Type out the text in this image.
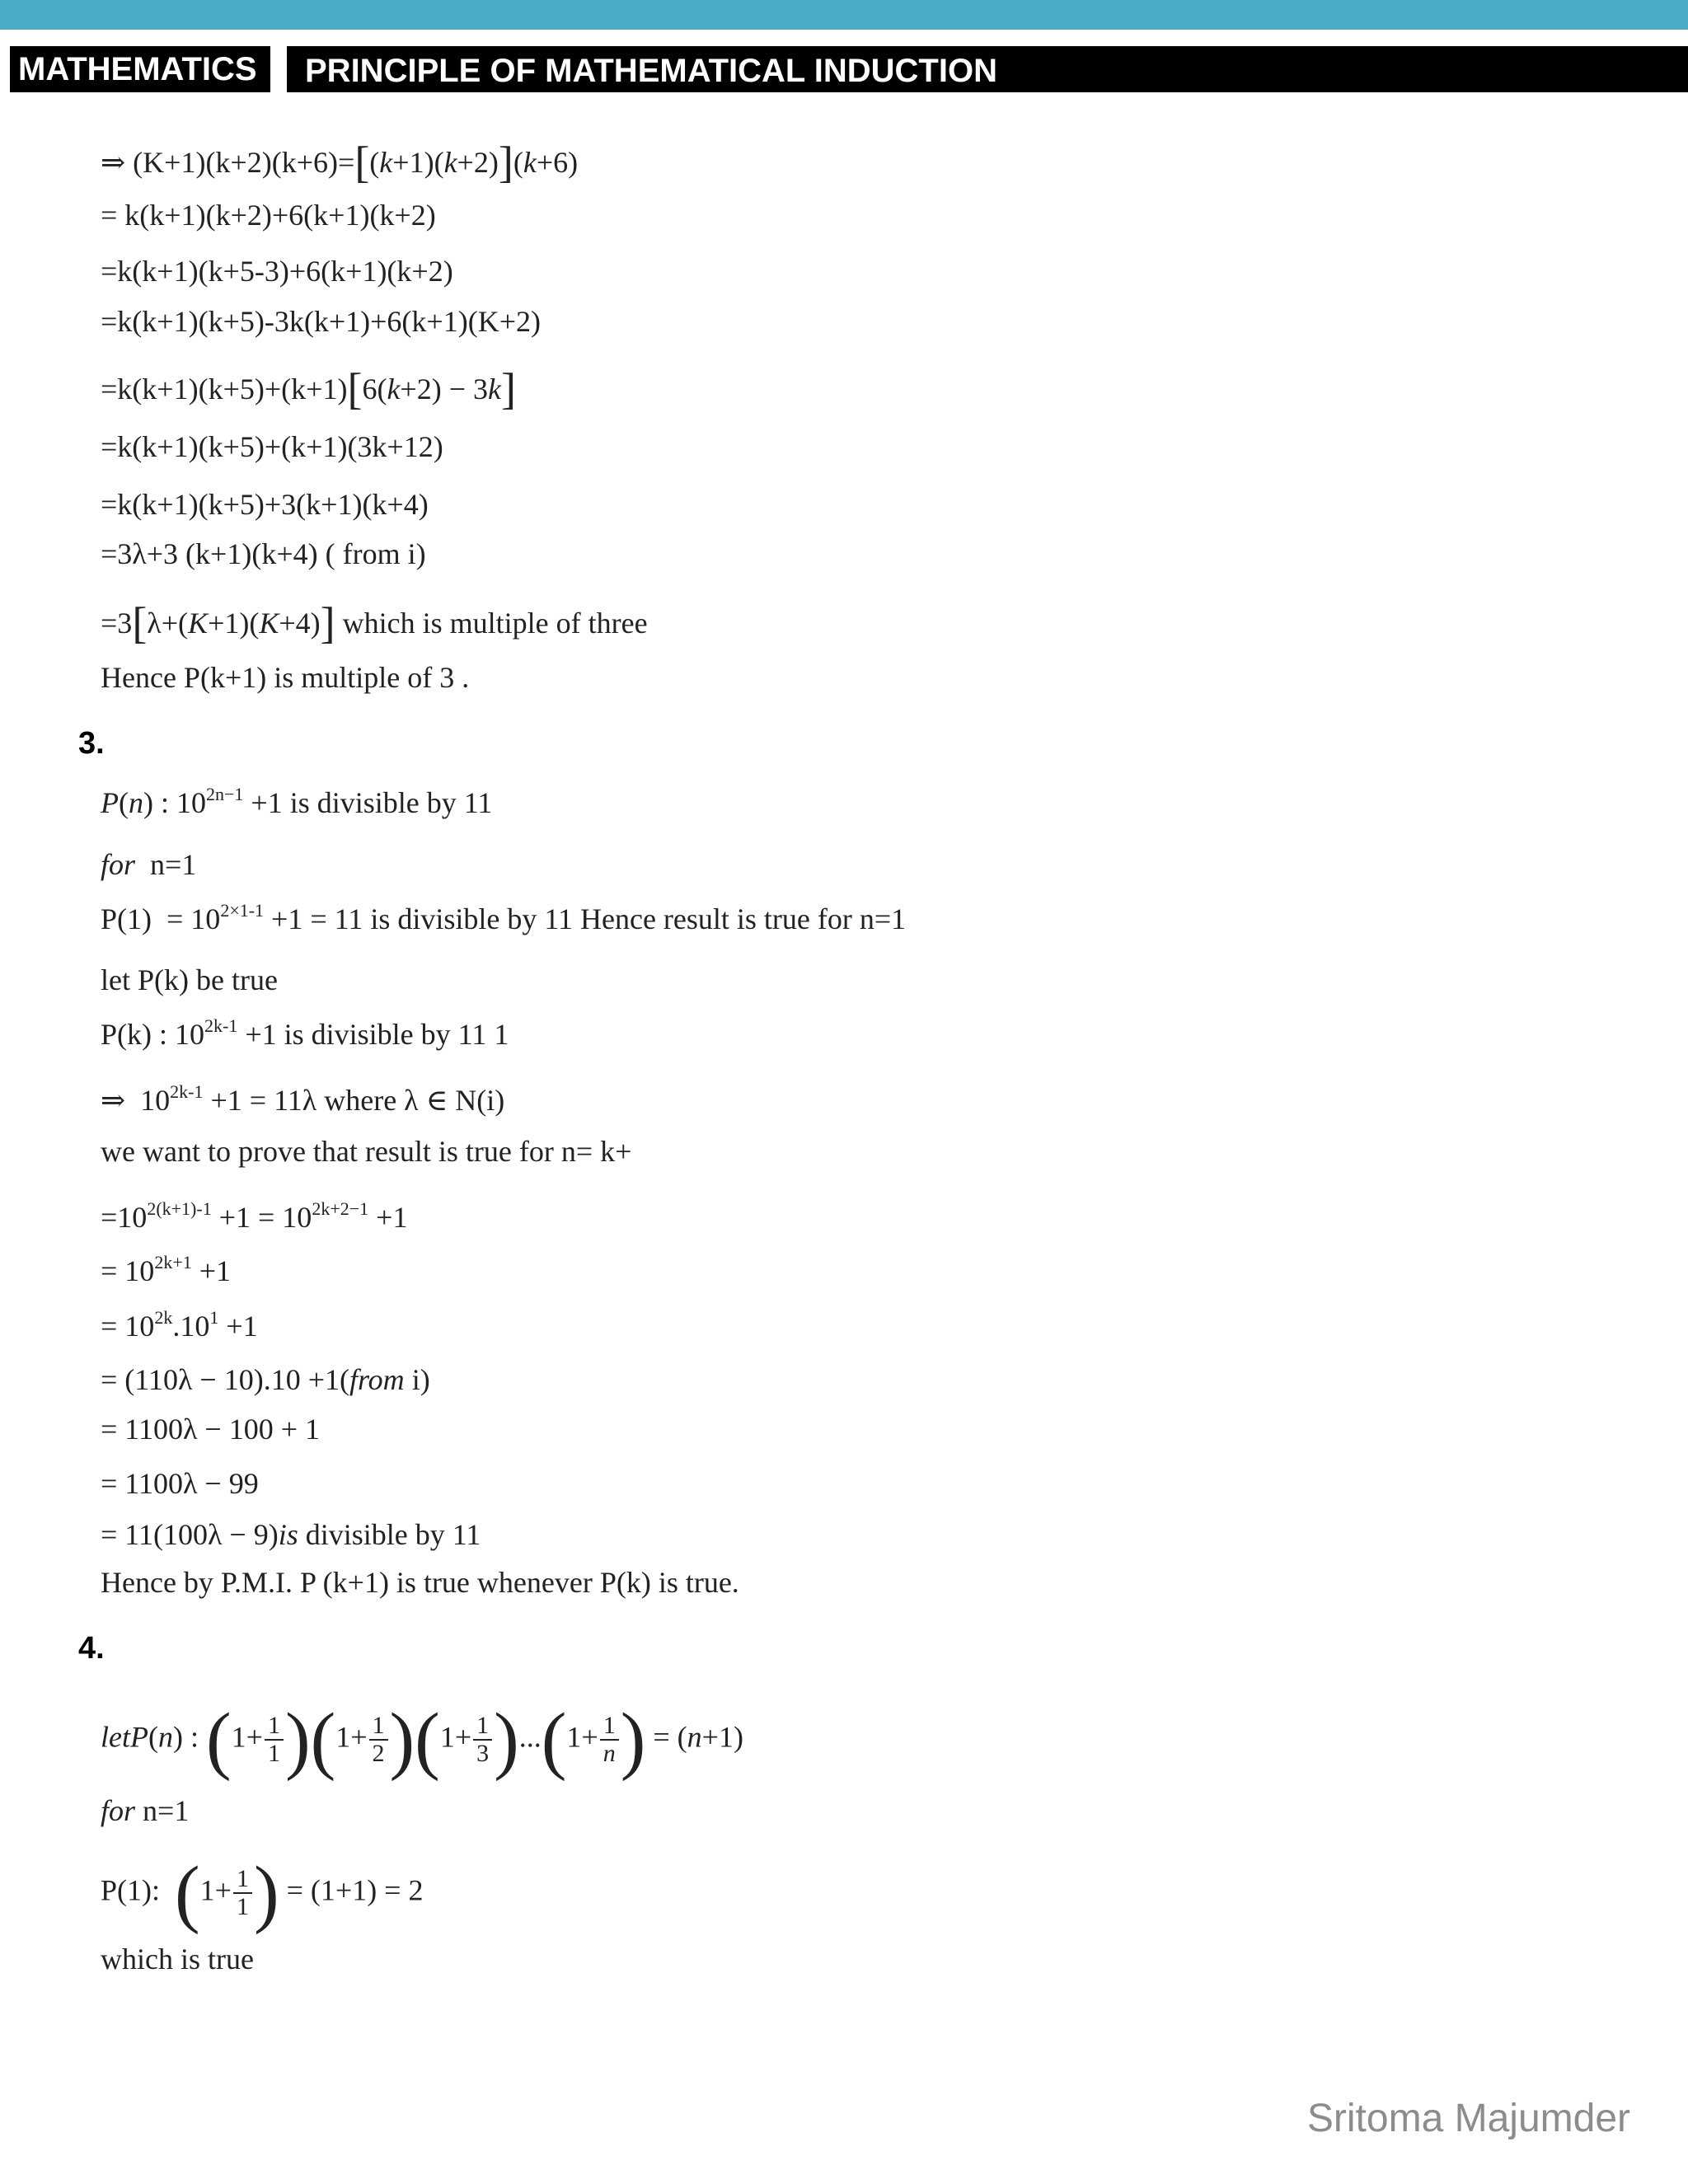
MATHEMATICS	PRINCIPLE OF MATHEMATICAL INDUCTION
⇒ (K+1)(k+2)(k+6)=[(k+1)(k+2)](k+6)
= k(k+1)(k+2)+6(k+1)(k+2)
=k(k+1)(k+5-3)+6(k+1)(k+2)
=k(k+1)(k+5)-3k(k+1)+6(k+1)(K+2)
=k(k+1)(k+5)+(k+1)[6(k+2) − 3k]
=k(k+1)(k+5)+(k+1)(3k+12)
=k(k+1)(k+5)+3(k+1)(k+4)
=3λ+3 (k+1)(k+4) ( from i)
=3[λ+(K+1)(K+4)] which is multiple of three
Hence P(k+1) is multiple of 3 .
3.
P(n) : $10^{2n-1} +1$ is divisible by 11
for n=1
$P(1) = 10^{2\times 1-1} +1 = 11$ is divisible by 11 Hence result is true for n=1
let P(k) be true
P(k) : $10^{2k-1} +1$ is divisible by 11 1
⇒  $10^{2k-1} +1 = 11\lambda$ where λ ∈ N(i)
we want to prove that result is true for n= k+
$=10^{2(k+1)-1} +1 = 10^{2k+2-1} +1$
= $10^{2k+1} +1$
= $10^{2k}.10^1 +1$
= (110λ − 10).10 +1(from i)
= 1100λ − 100 + 1
= 1100λ − 99
= 11(100λ − 9)is divisible by 11
Hence by P.M.I. P (k+1) is true whenever P(k) is true.
4.
letP(n) : $(1+ \frac{1}{1} )(1+ \frac{1}{2} )(1+ \frac{1}{3} )...(1+ \frac{1}{n}$ ) = (n+1)
for n=1
P(1): ($1+ \frac{1}{1}$ ) = (1+1) = 2
which is true
Sritoma Majumder
